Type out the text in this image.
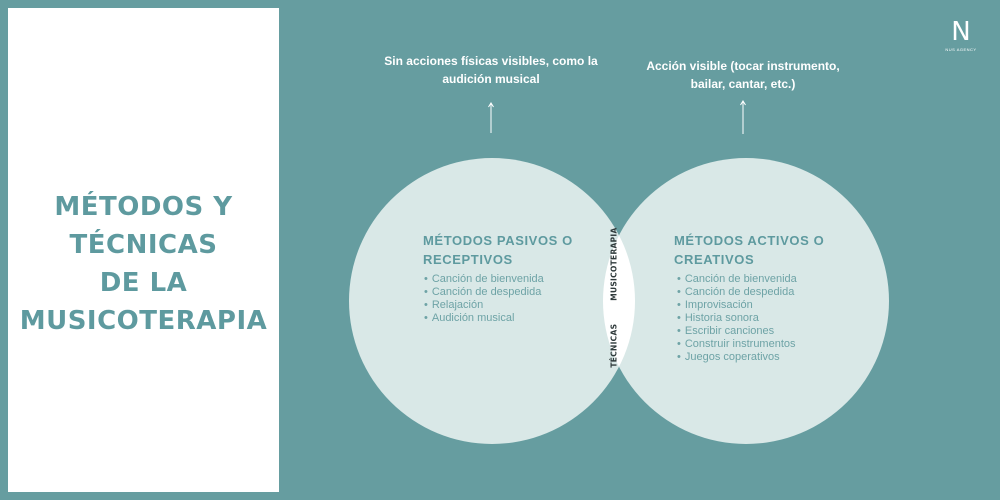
MÉTODOS Y
TÉCNICAS
DE LA
MUSICOTERAPIA
N
NUS AGENCY
Sin acciones físicas visibles, como la audición musical
Acción visible (tocar instrumento, bailar, cantar, etc.)
MÉTODOS PASIVOS O RECEPTIVOS
• Canción de bienvenida
• Canción de despedida
• Relajación
• Audición musical
MÉTODOS ACTIVOS O CREATIVOS
• Canción de bienvenida
• Canción de despedida
• Improvisación
• Historia sonora
• Escribir canciones
• Construir instrumentos
• Juegos coperativos
TÉCNICAS MUSICOTERAPIA
